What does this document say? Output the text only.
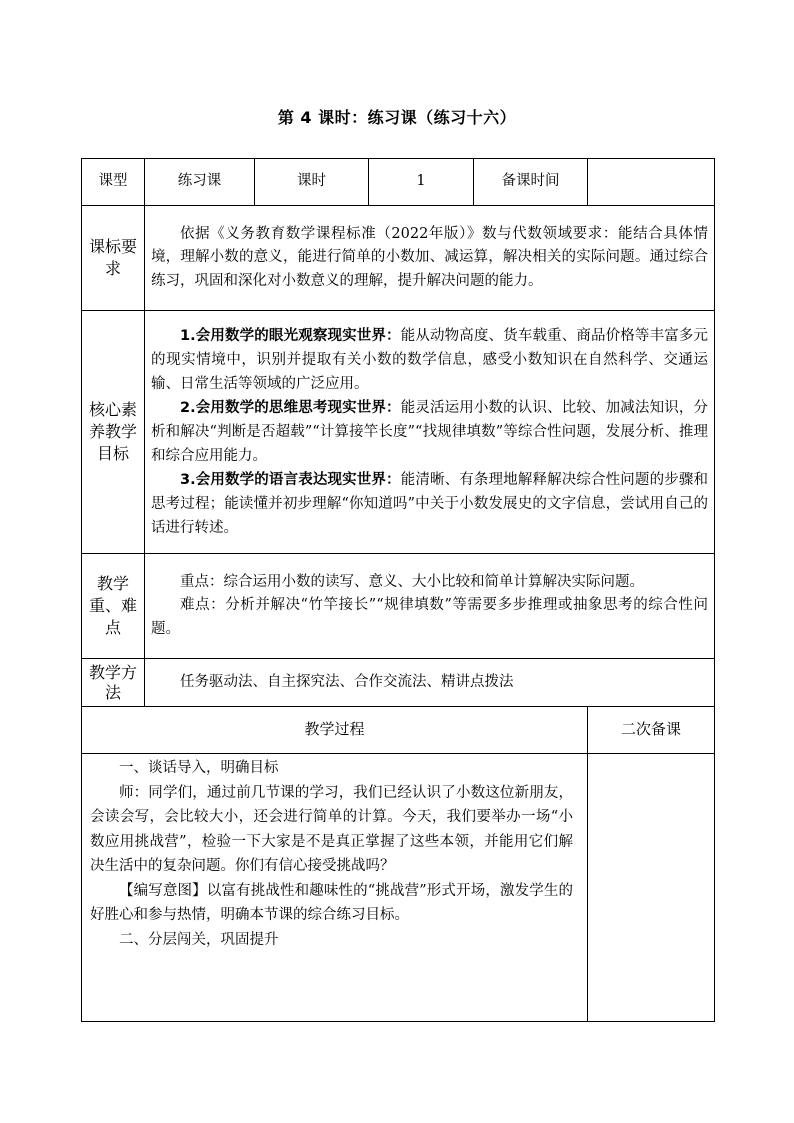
第 4 课时：练习课（练习十六）
课型	练习课	课时	1	备课时间	
课标要求	依据《义务教育数学课程标准（2022年版）》数与代数领域要求：能结合具体情境，理解小数的意义，能进行简单的小数加、减运算，解决相关的实际问题。通过综合练习，巩固和深化对小数意义的理解，提升解决问题的能力。				

核心素养教学目标	1.会用数学的眼光观察现实世界：能从动物高度、货车载重、商品价格等丰富多元的现实情境中，识别并提取有关小数的数学信息，感受小数知识在自然科学、交通运输、日常生活等领域的广泛应用。

2.会用数学的思维思考现实世界：能灵活运用小数的认识、比较、加减法知识，分析和解决“判断是否超载”“计算接竿长度”“找规律填数”等综合性问题，发展分析、推理和综合应用能力。

3.会用数学的语言表达现实世界：能清晰、有条理地解释解决综合性问题的步骤和思考过程；能读懂并初步理解“你知道吗”中关于小数发展史的文字信息，尝试用自己的话进行转述。				

教学重、难点	重点：综合运用小数的读写、意义、大小比较和简单计算解决实际问题。

难点：分析并解决“竹竿接长”“规律填数”等需要多步推理或抽象思考的综合性问题。				

教学方法	任务驱动法、自主探究法、合作交流法、精讲点拨法				

教学过程					二次备课

一、谈话导入，明确目标

师：同学们，通过前几节课的学习，我们已经认识了小数这位新朋友，会读会写，会比较大小，还会进行简单的计算。今天，我们要举办一场“小数应用挑战营”，检验一下大家是不是真正掌握了这些本领，并能用它们解决生活中的复杂问题。你们有信心接受挑战吗？

【编写意图】以富有挑战性和趣味性的“挑战营”形式开场，激发学生的好胜心和参与热情，明确本节课的综合练习目标。

二、分层闯关，巩固提升					
